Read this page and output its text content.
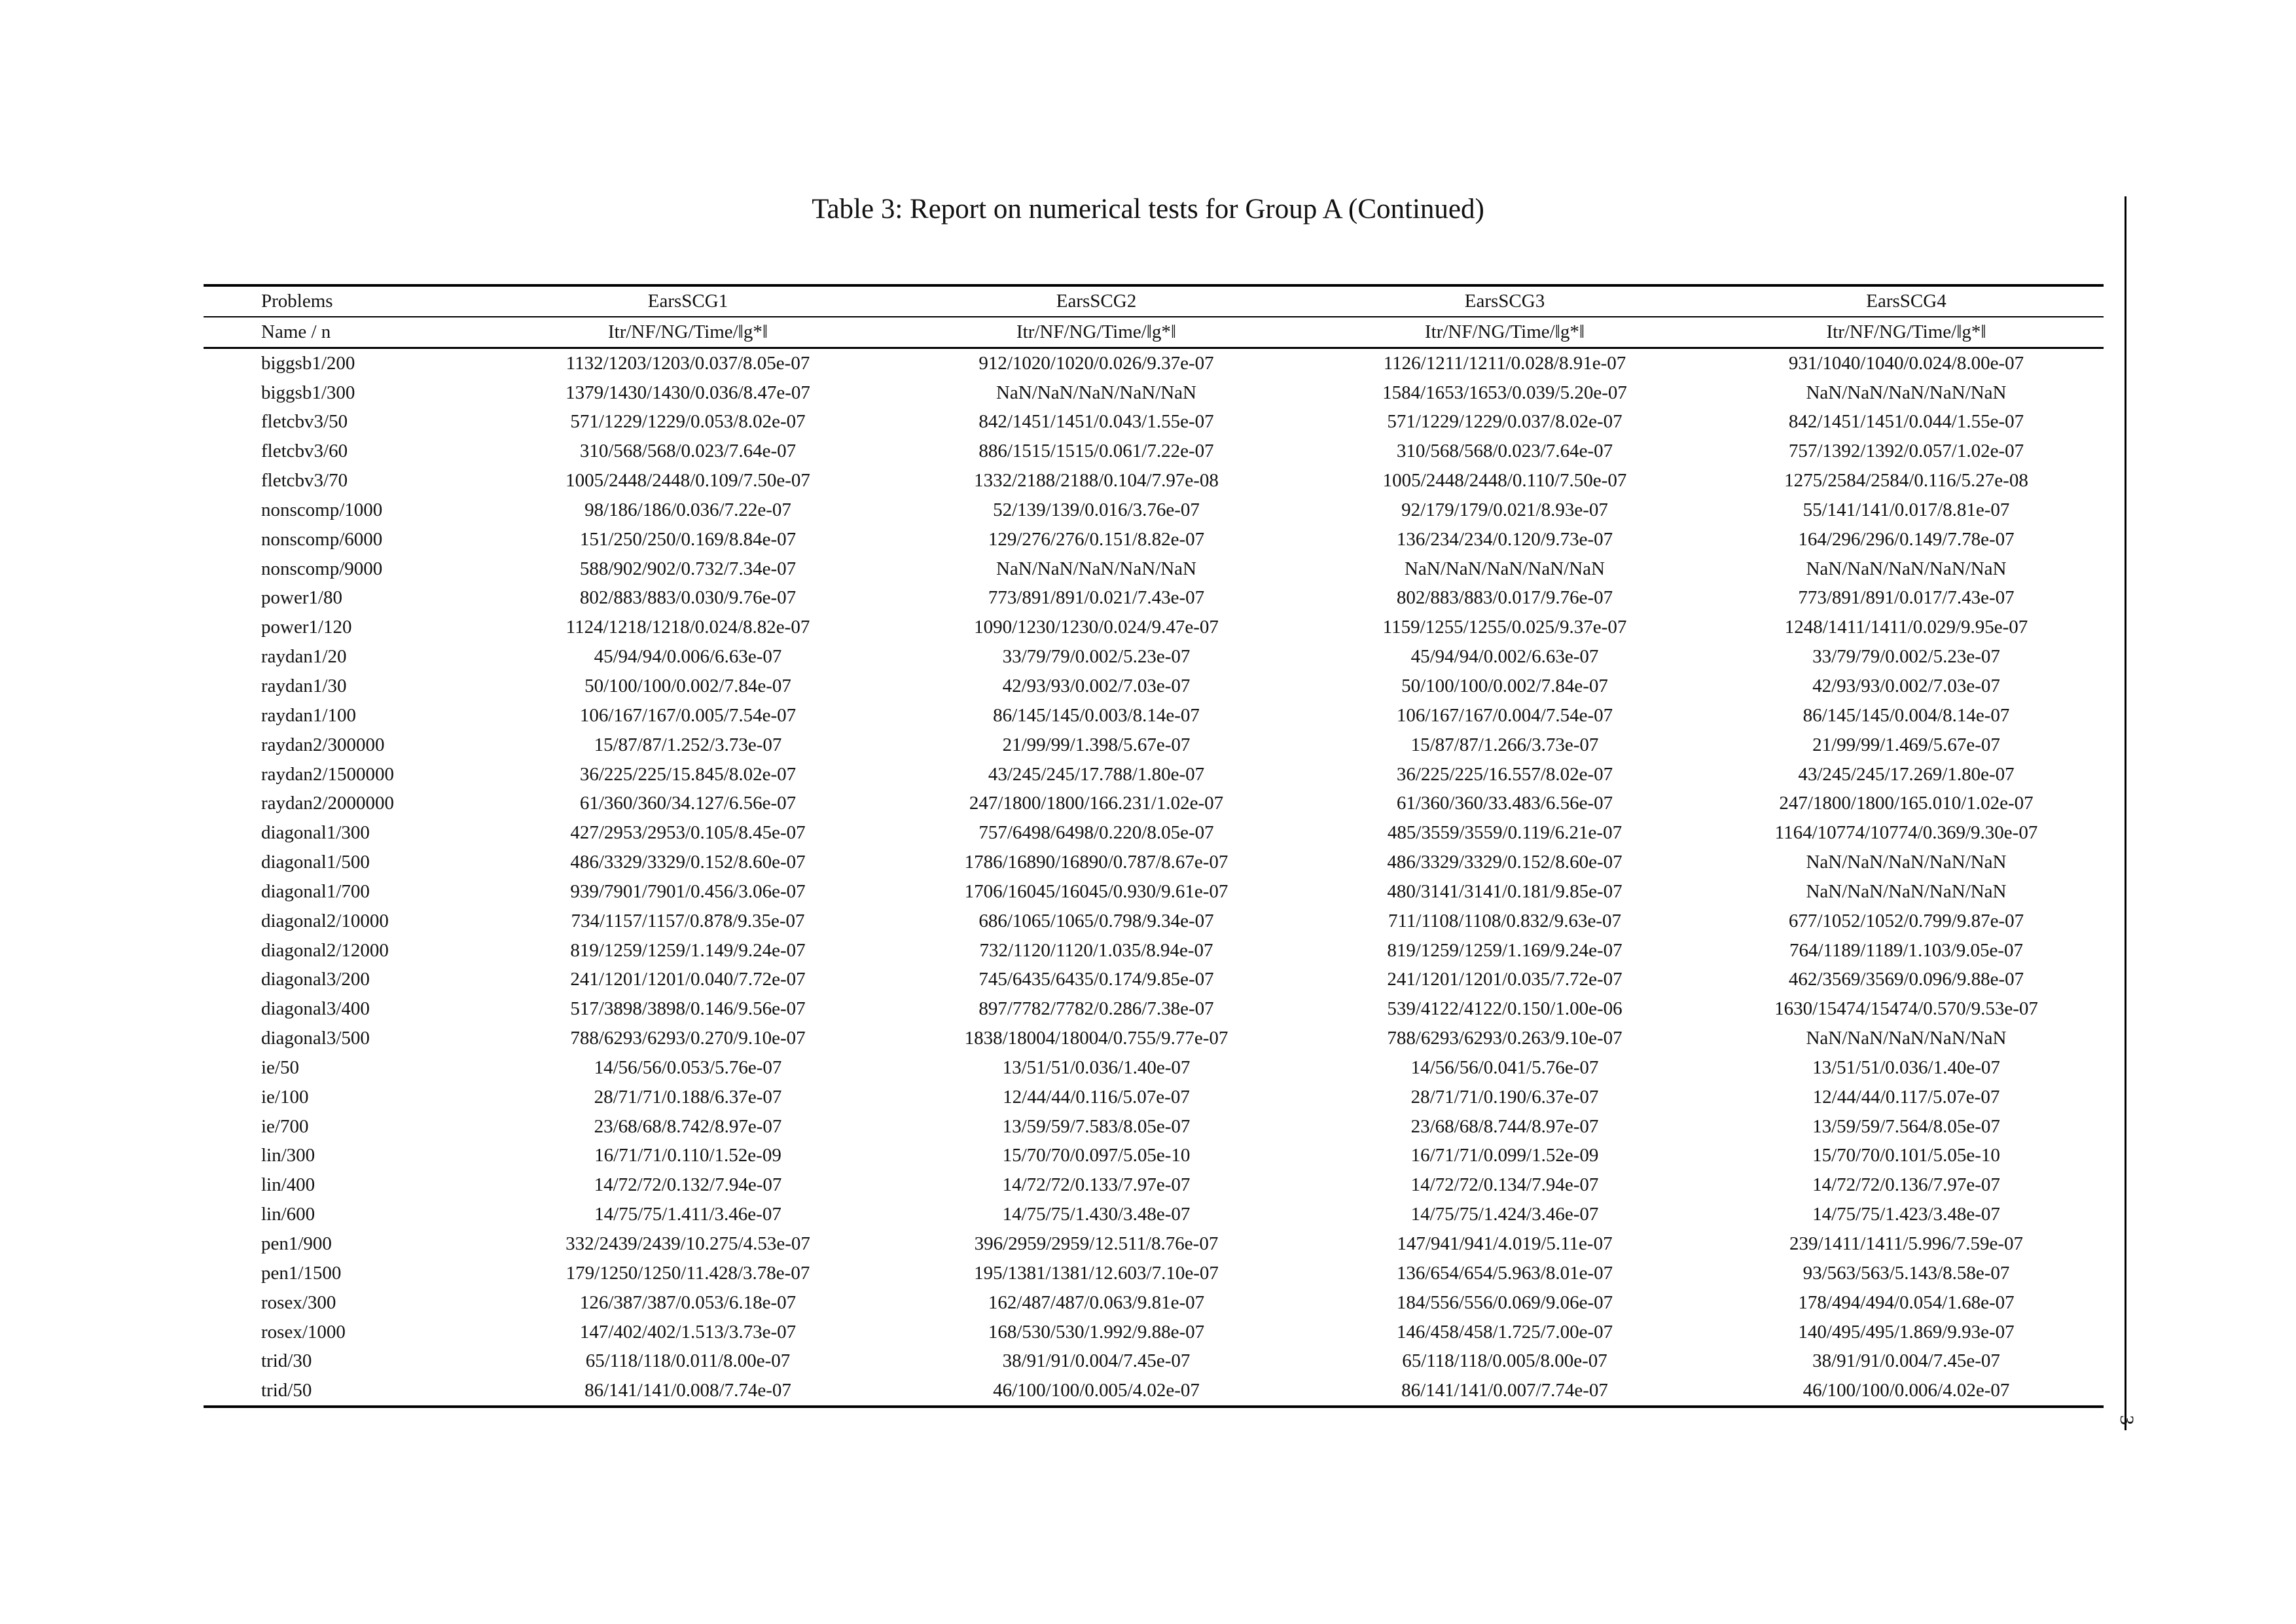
Table 3: Report on numerical tests for Group A (Continued)
Problems	EarsSCG1	EarsSCG2	EarsSCG3	EarsSCG4
Name / n	Itr/NF/NG/Time/‖g*‖	Itr/NF/NG/Time/‖g*‖	Itr/NF/NG/Time/‖g*‖	Itr/NF/NG/Time/‖g*‖
biggsb1/200	1132/1203/1203/0.037/8.05e-07	912/1020/1020/0.026/9.37e-07	1126/1211/1211/0.028/8.91e-07	931/1040/1040/0.024/8.00e-07
biggsb1/300	1379/1430/1430/0.036/8.47e-07	NaN/NaN/NaN/NaN/NaN	1584/1653/1653/0.039/5.20e-07	NaN/NaN/NaN/NaN/NaN
fletcbv3/50	571/1229/1229/0.053/8.02e-07	842/1451/1451/0.043/1.55e-07	571/1229/1229/0.037/8.02e-07	842/1451/1451/0.044/1.55e-07
fletcbv3/60	310/568/568/0.023/7.64e-07	886/1515/1515/0.061/7.22e-07	310/568/568/0.023/7.64e-07	757/1392/1392/0.057/1.02e-07
fletcbv3/70	1005/2448/2448/0.109/7.50e-07	1332/2188/2188/0.104/7.97e-08	1005/2448/2448/0.110/7.50e-07	1275/2584/2584/0.116/5.27e-08
nonscomp/1000	98/186/186/0.036/7.22e-07	52/139/139/0.016/3.76e-07	92/179/179/0.021/8.93e-07	55/141/141/0.017/8.81e-07
nonscomp/6000	151/250/250/0.169/8.84e-07	129/276/276/0.151/8.82e-07	136/234/234/0.120/9.73e-07	164/296/296/0.149/7.78e-07
nonscomp/9000	588/902/902/0.732/7.34e-07	NaN/NaN/NaN/NaN/NaN	NaN/NaN/NaN/NaN/NaN	NaN/NaN/NaN/NaN/NaN
power1/80	802/883/883/0.030/9.76e-07	773/891/891/0.021/7.43e-07	802/883/883/0.017/9.76e-07	773/891/891/0.017/7.43e-07
power1/120	1124/1218/1218/0.024/8.82e-07	1090/1230/1230/0.024/9.47e-07	1159/1255/1255/0.025/9.37e-07	1248/1411/1411/0.029/9.95e-07
raydan1/20	45/94/94/0.006/6.63e-07	33/79/79/0.002/5.23e-07	45/94/94/0.002/6.63e-07	33/79/79/0.002/5.23e-07
raydan1/30	50/100/100/0.002/7.84e-07	42/93/93/0.002/7.03e-07	50/100/100/0.002/7.84e-07	42/93/93/0.002/7.03e-07
raydan1/100	106/167/167/0.005/7.54e-07	86/145/145/0.003/8.14e-07	106/167/167/0.004/7.54e-07	86/145/145/0.004/8.14e-07
raydan2/300000	15/87/87/1.252/3.73e-07	21/99/99/1.398/5.67e-07	15/87/87/1.266/3.73e-07	21/99/99/1.469/5.67e-07
raydan2/1500000	36/225/225/15.845/8.02e-07	43/245/245/17.788/1.80e-07	36/225/225/16.557/8.02e-07	43/245/245/17.269/1.80e-07
raydan2/2000000	61/360/360/34.127/6.56e-07	247/1800/1800/166.231/1.02e-07	61/360/360/33.483/6.56e-07	247/1800/1800/165.010/1.02e-07
diagonal1/300	427/2953/2953/0.105/8.45e-07	757/6498/6498/0.220/8.05e-07	485/3559/3559/0.119/6.21e-07	1164/10774/10774/0.369/9.30e-07
diagonal1/500	486/3329/3329/0.152/8.60e-07	1786/16890/16890/0.787/8.67e-07	486/3329/3329/0.152/8.60e-07	NaN/NaN/NaN/NaN/NaN
diagonal1/700	939/7901/7901/0.456/3.06e-07	1706/16045/16045/0.930/9.61e-07	480/3141/3141/0.181/9.85e-07	NaN/NaN/NaN/NaN/NaN
diagonal2/10000	734/1157/1157/0.878/9.35e-07	686/1065/1065/0.798/9.34e-07	711/1108/1108/0.832/9.63e-07	677/1052/1052/0.799/9.87e-07
diagonal2/12000	819/1259/1259/1.149/9.24e-07	732/1120/1120/1.035/8.94e-07	819/1259/1259/1.169/9.24e-07	764/1189/1189/1.103/9.05e-07
diagonal3/200	241/1201/1201/0.040/7.72e-07	745/6435/6435/0.174/9.85e-07	241/1201/1201/0.035/7.72e-07	462/3569/3569/0.096/9.88e-07
diagonal3/400	517/3898/3898/0.146/9.56e-07	897/7782/7782/0.286/7.38e-07	539/4122/4122/0.150/1.00e-06	1630/15474/15474/0.570/9.53e-07
diagonal3/500	788/6293/6293/0.270/9.10e-07	1838/18004/18004/0.755/9.77e-07	788/6293/6293/0.263/9.10e-07	NaN/NaN/NaN/NaN/NaN
ie/50	14/56/56/0.053/5.76e-07	13/51/51/0.036/1.40e-07	14/56/56/0.041/5.76e-07	13/51/51/0.036/1.40e-07
ie/100	28/71/71/0.188/6.37e-07	12/44/44/0.116/5.07e-07	28/71/71/0.190/6.37e-07	12/44/44/0.117/5.07e-07
ie/700	23/68/68/8.742/8.97e-07	13/59/59/7.583/8.05e-07	23/68/68/8.744/8.97e-07	13/59/59/7.564/8.05e-07
lin/300	16/71/71/0.110/1.52e-09	15/70/70/0.097/5.05e-10	16/71/71/0.099/1.52e-09	15/70/70/0.101/5.05e-10
lin/400	14/72/72/0.132/7.94e-07	14/72/72/0.133/7.97e-07	14/72/72/0.134/7.94e-07	14/72/72/0.136/7.97e-07
lin/600	14/75/75/1.411/3.46e-07	14/75/75/1.430/3.48e-07	14/75/75/1.424/3.46e-07	14/75/75/1.423/3.48e-07
pen1/900	332/2439/2439/10.275/4.53e-07	396/2959/2959/12.511/8.76e-07	147/941/941/4.019/5.11e-07	239/1411/1411/5.996/7.59e-07
pen1/1500	179/1250/1250/11.428/3.78e-07	195/1381/1381/12.603/7.10e-07	136/654/654/5.963/8.01e-07	93/563/563/5.143/8.58e-07
rosex/300	126/387/387/0.053/6.18e-07	162/487/487/0.063/9.81e-07	184/556/556/0.069/9.06e-07	178/494/494/0.054/1.68e-07
rosex/1000	147/402/402/1.513/3.73e-07	168/530/530/1.992/9.88e-07	146/458/458/1.725/7.00e-07	140/495/495/1.869/9.93e-07
trid/30	65/118/118/0.011/8.00e-07	38/91/91/0.004/7.45e-07	65/118/118/0.005/8.00e-07	38/91/91/0.004/7.45e-07
trid/50	86/141/141/0.008/7.74e-07	46/100/100/0.005/4.02e-07	86/141/141/0.007/7.74e-07	46/100/100/0.006/4.02e-07
3
